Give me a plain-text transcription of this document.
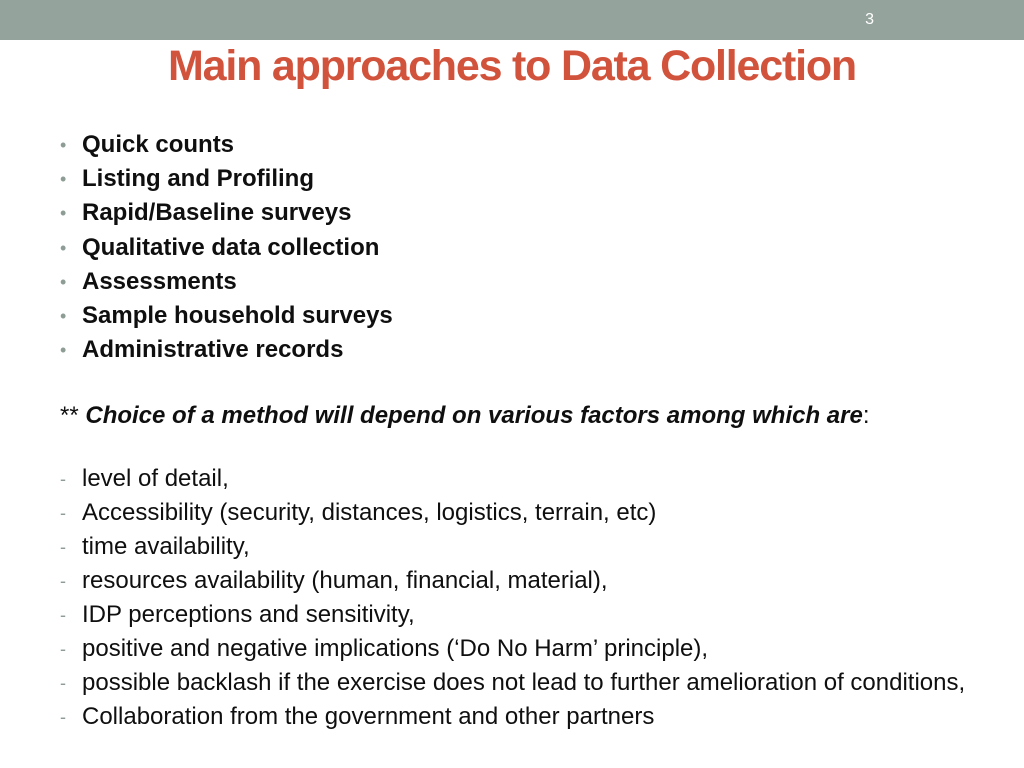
3
Main approaches to Data Collection
• Quick counts
• Listing and Profiling
• Rapid/Baseline surveys
• Qualitative data collection
• Assessments
• Sample household surveys
• Administrative records
** Choice of a method will depend on various factors among which are:
- level of detail,
- Accessibility (security, distances, logistics, terrain, etc)
- time availability,
- resources availability (human, financial, material),
- IDP perceptions and sensitivity,
- positive and negative implications (‘Do No Harm’ principle),
- possible backlash if the exercise does not lead to further amelioration of conditions,
- Collaboration from the government and other partners
